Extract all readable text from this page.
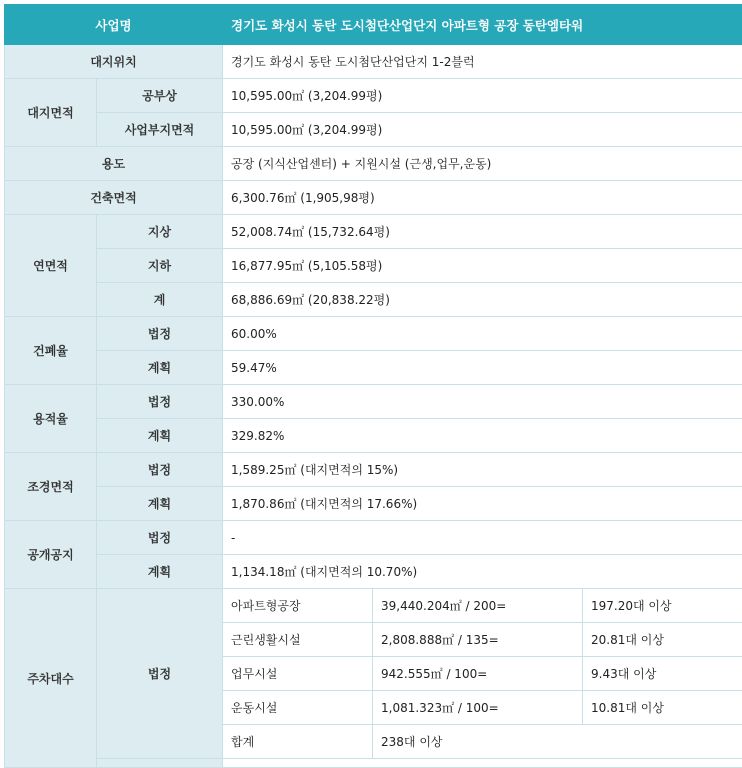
사업명		경기도 화성시 동탄 도시첨단산업단지 아파트형 공장 동탄엠타워		
대지위치		경기도 화성시 동탄 도시첨단산업단지 1-2블럭		
대지면적	공부상	10,595.00㎡ (3,204.99평)		
	사업부지면적	10,595.00㎡ (3,204.99평)		
용도		공장 (지식산업센터) + 지원시설 (근생,업무,운동)		
건축면적		6,300.76㎡ (1,905,98평)		
연면적	지상	52,008.74㎡ (15,732.64평)		
	지하	16,877.95㎡ (5,105.58평)		
	계	68,886.69㎡ (20,838.22평)		
건폐율	법정	60.00%		
	계획	59.47%		
용적율	법정	330.00%		
	계획	329.82%		
조경면적	법정	1,589.25㎡ (대지면적의 15%)		
	계획	1,870.86㎡ (대지면적의 17.66%)		
공개공지	법정	-		
	계획	1,134.18㎡ (대지면적의 10.70%)		
주차대수	법정	아파트형공장	39,440.204㎡ / 200=	197.20대 이상
		근린생활시설	2,808.888㎡ / 135=	20.81대 이상
		업무시설	942.555㎡ / 100=	9.43대 이상
		운동시설	1,081.323㎡ / 100=	10.81대 이상
		합계	238대 이상	
